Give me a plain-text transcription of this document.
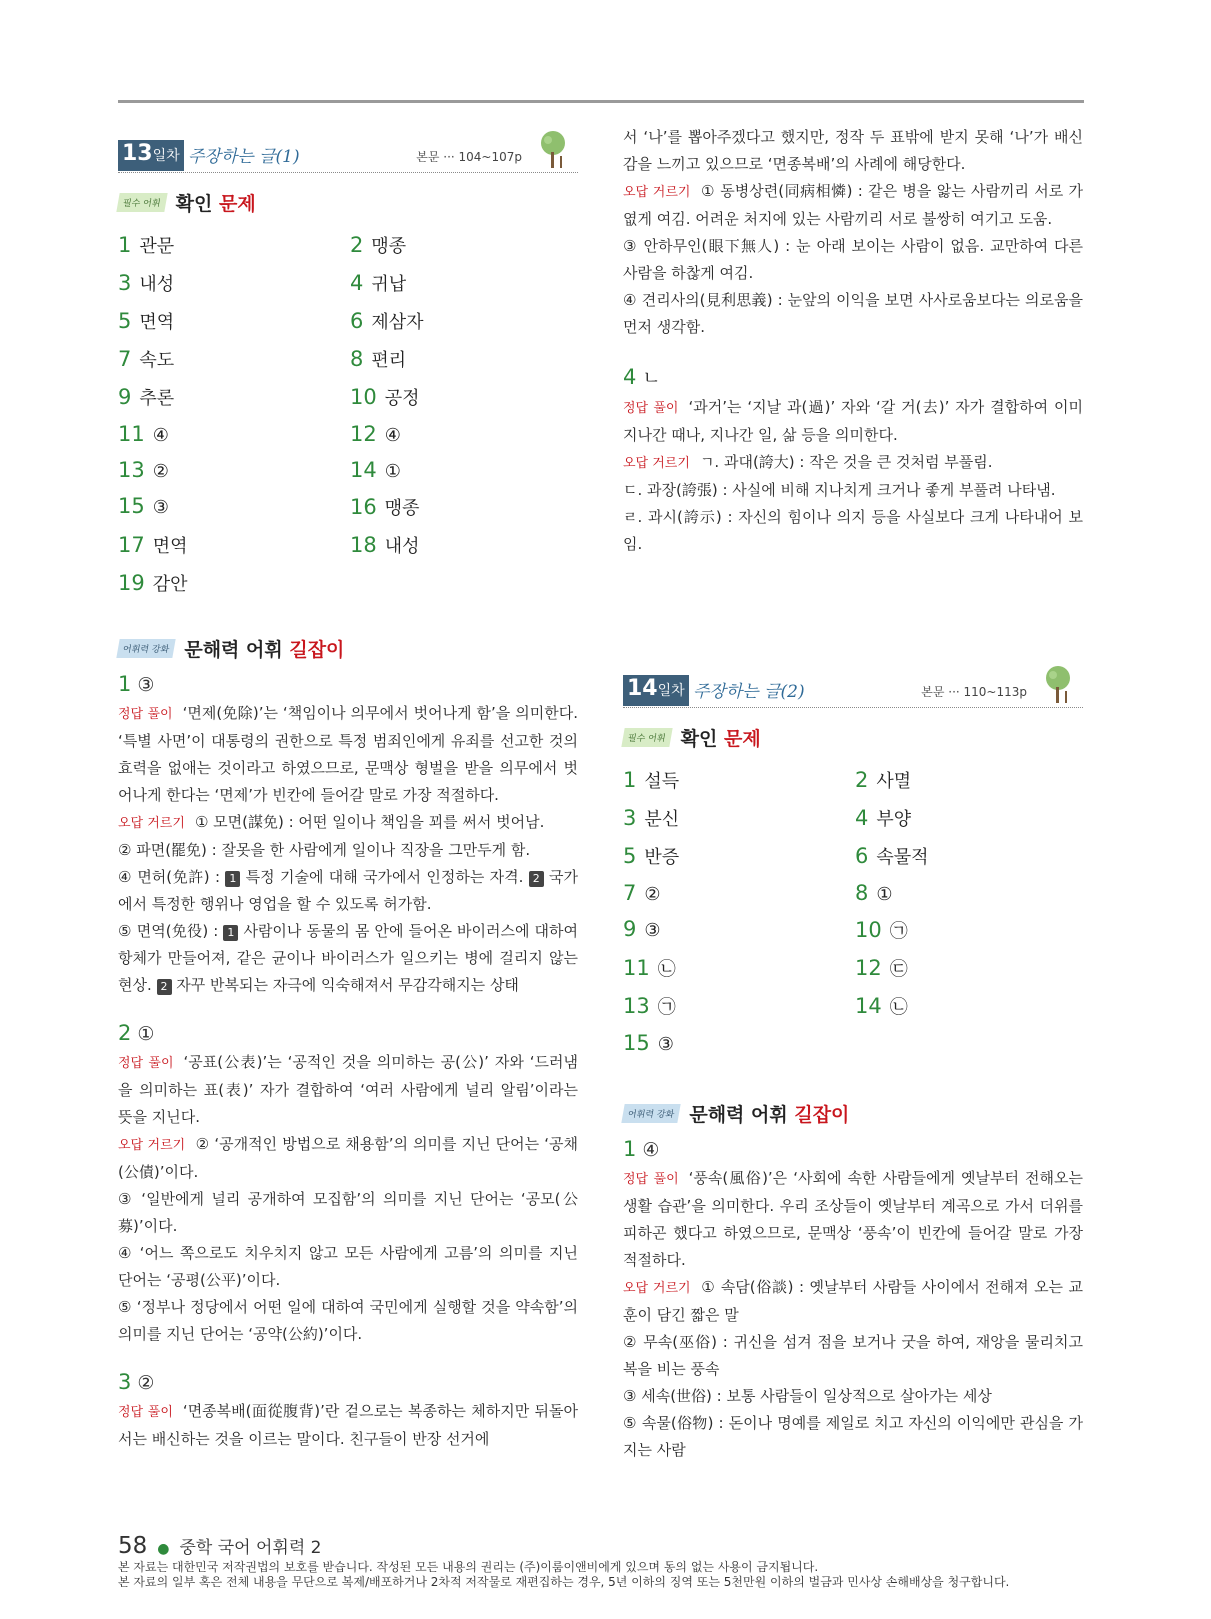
13일차 주장하는 글(1)	본문 ··· 104~107p
필수 어휘 확인 문제
1 관문	2 맹종
3 내성	4 귀납
5 면역	6 제삼자
7 속도	8 편리
9 추론	10 공정
11 ④	12 ④
13 ②	14 ①
15 ③	16 맹종
17 면역	18 내성
19 감안
어휘력 강화 문해력 어휘 길잡이
1 ③

정답 풀이 ‘면제(免除)’는 ‘책임이나 의무에서 벗어나게 함’을 의미한다. ‘특별 사면’이 대통령의 권한으로 특정 범죄인에게 유죄를 선고한 것의 효력을 없애는 것이라고 하였으므로, 문맥상 형벌을 받을 의무에서 벗어나게 한다는 ‘면제’가 빈칸에 들어갈 말로 가장 적절하다.

오답 거르기 ① 모면(謀免) : 어떤 일이나 책임을 꾀를 써서 벗어남.
② 파면(罷免) : 잘못을 한 사람에게 일이나 직장을 그만두게 함.
④ 면허(免許) : 1 특정 기술에 대해 국가에서 인정하는 자격. 2 국가에서 특정한 행위나 영업을 할 수 있도록 허가함.
⑤ 면역(免役) : 1 사람이나 동물의 몸 안에 들어온 바이러스에 대하여 항체가 만들어져, 같은 균이나 바이러스가 일으키는 병에 걸리지 않는 현상. 2 자꾸 반복되는 자극에 익숙해져서 무감각해지는 상태

2 ①

정답 풀이 ‘공표(公表)’는 ‘공적인 것을 의미하는 공(公)’ 자와 ‘드러냄을 의미하는 표(表)’ 자가 결합하여 ‘여러 사람에게 널리 알림’이라는 뜻을 지닌다.

오답 거르기 ② ‘공개적인 방법으로 채용함’의 의미를 지닌 단어는 ‘공채(公債)’이다.
③ ‘일반에게 널리 공개하여 모집함’의 의미를 지닌 단어는 ‘공모(公募)’이다.
④ ‘어느 쪽으로도 치우치지 않고 모든 사람에게 고름’의 의미를 지닌 단어는 ‘공평(公平)’이다.
⑤ ‘정부나 정당에서 어떤 일에 대하여 국민에게 실행할 것을 약속함’의 의미를 지닌 단어는 ‘공약(公約)’이다.

3 ②

정답 풀이 ‘면종복배(面從腹背)’란 겉으로는 복종하는 체하지만 뒤돌아서는 배신하는 것을 이르는 말이다. 친구들이 반장 선거에

서 ‘나’를 뽑아주겠다고 했지만, 정작 두 표밖에 받지 못해 ‘나’가 배신감을 느끼고 있으므로 ‘면종복배’의 사례에 해당한다.

오답 거르기 ① 동병상련(同病相憐) : 같은 병을 앓는 사람끼리 서로 가엾게 여김. 어려운 처지에 있는 사람끼리 서로 불쌍히 여기고 도움.
③ 안하무인(眼下無人) : 눈 아래 보이는 사람이 없음. 교만하여 다른 사람을 하찮게 여김.
④ 견리사의(見利思義) : 눈앞의 이익을 보면 사사로움보다는 의로움을 먼저 생각함.

4 ㄴ

정답 풀이 ‘과거’는 ‘지날 과(過)’ 자와 ‘갈 거(去)’ 자가 결합하여 이미 지나간 때나, 지나간 일, 삶 등을 의미한다.

오답 거르기 ㄱ. 과대(誇大) : 작은 것을 큰 것처럼 부풀림.
ㄷ. 과장(誇張) : 사실에 비해 지나치게 크거나 좋게 부풀려 나타냄.
ㄹ. 과시(誇示) : 자신의 힘이나 의지 등을 사실보다 크게 나타내어 보임.

14일차 주장하는 글(2)	본문 ··· 110~113p
필수 어휘 확인 문제
1 설득	2 사멸
3 분신	4 부양
5 반증	6 속물적
7 ②	8 ①
9 ③	10 ㉠
11 ㉡	12 ㉢
13 ㉠	14 ㉡
15 ③
어휘력 강화 문해력 어휘 길잡이
1 ④

정답 풀이 ‘풍속(風俗)’은 ‘사회에 속한 사람들에게 옛날부터 전해오는 생활 습관’을 의미한다. 우리 조상들이 옛날부터 계곡으로 가서 더위를 피하곤 했다고 하였으므로, 문맥상 ‘풍속’이 빈칸에 들어갈 말로 가장 적절하다.

오답 거르기 ① 속담(俗談) : 옛날부터 사람들 사이에서 전해져 오는 교훈이 담긴 짧은 말
② 무속(巫俗) : 귀신을 섬겨 점을 보거나 굿을 하여, 재앙을 물리치고 복을 비는 풍속
③ 세속(世俗) : 보통 사람들이 일상적으로 살아가는 세상
⑤ 속물(俗物) : 돈이나 명예를 제일로 치고 자신의 이익에만 관심을 가지는 사람

58 ● 중학 국어 어휘력 2
본 자료는 대한민국 저작권법의 보호를 받습니다. 작성된 모든 내용의 권리는 (주)이룸이앤비에게 있으며 동의 없는 사용이 금지됩니다.
본 자료의 일부 혹은 전체 내용을 무단으로 복제/배포하거나 2차적 저작물로 재편집하는 경우, 5년 이하의 징역 또는 5천만원 이하의 벌금과 민사상 손해배상을 청구합니다.
